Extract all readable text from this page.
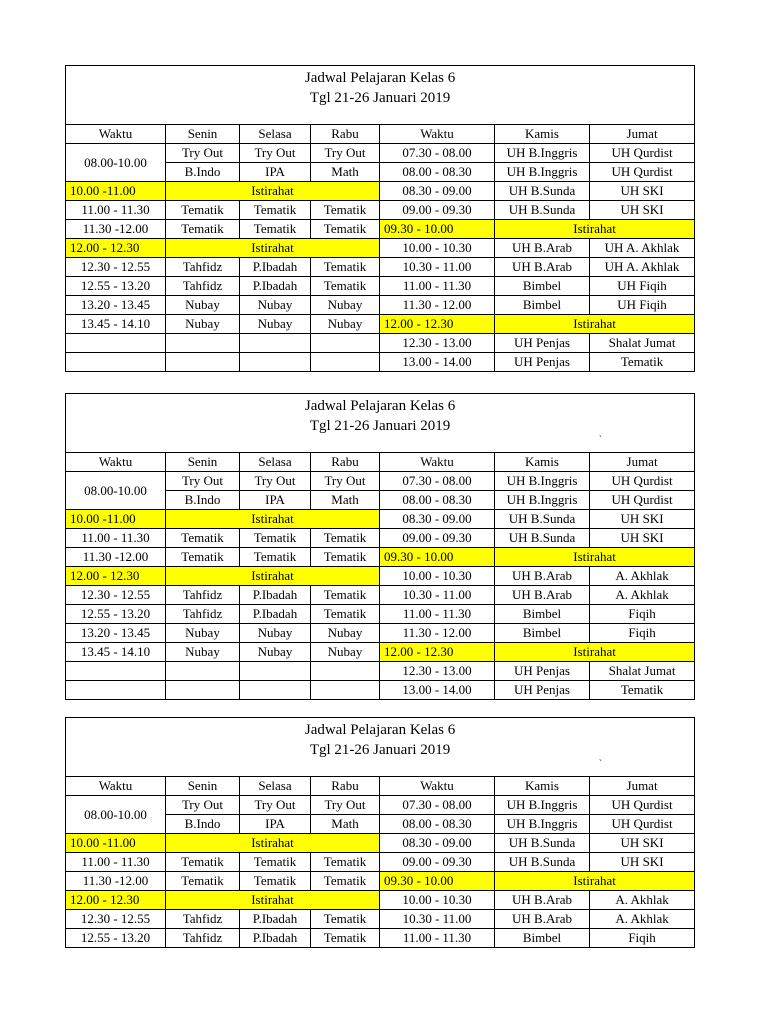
Jadwal Pelajaran Kelas 6
Tgl 21-26 Januari 2019						

Waktu	Senin	Selasa	Rabu	Waktu	Kamis	Jumat
08.00-10.00	Try Out	Try Out	Try Out	07.30 - 08.00	UH B.Inggris	UH Qurdist
	B.Indo	IPA	Math	08.00 - 08.30	UH B.Inggris	UH Qurdist
10.00 -11.00	Istirahat			08.30 - 09.00	UH B.Sunda	UH SKI
11.00 - 11.30	Tematik	Tematik	Tematik	09.00 - 09.30	UH B.Sunda	UH SKI
11.30 -12.00	Tematik	Tematik	Tematik	09.30 - 10.00	Istirahat	
12.00 - 12.30	Istirahat			10.00 - 10.30	UH B.Arab	UH A. Akhlak
12.30 - 12.55	Tahfidz	P.Ibadah	Tematik	10.30 - 11.00	UH B.Arab	UH A. Akhlak
12.55 - 13.20	Tahfidz	P.Ibadah	Tematik	11.00 - 11.30	Bimbel	UH Fiqih
13.20 - 13.45	Nubay	Nubay	Nubay	11.30 - 12.00	Bimbel	UH Fiqih
13.45 - 14.10	Nubay	Nubay	Nubay	12.00 - 12.30	Istirahat	
				12.30 - 13.00	UH Penjas	Shalat Jumat
				13.00 - 14.00	UH Penjas	Tematik
Jadwal Pelajaran Kelas 6
Tgl 21-26 Januari 2019
`						

Waktu	Senin	Selasa	Rabu	Waktu	Kamis	Jumat
08.00-10.00	Try Out	Try Out	Try Out	07.30 - 08.00	UH B.Inggris	UH Qurdist
	B.Indo	IPA	Math	08.00 - 08.30	UH B.Inggris	UH Qurdist
10.00 -11.00	Istirahat			08.30 - 09.00	UH B.Sunda	UH SKI
11.00 - 11.30	Tematik	Tematik	Tematik	09.00 - 09.30	UH B.Sunda	UH SKI
11.30 -12.00	Tematik	Tematik	Tematik	09.30 - 10.00	Istirahat	
12.00 - 12.30	Istirahat			10.00 - 10.30	UH B.Arab	A. Akhlak
12.30 - 12.55	Tahfidz	P.Ibadah	Tematik	10.30 - 11.00	UH B.Arab	A. Akhlak
12.55 - 13.20	Tahfidz	P.Ibadah	Tematik	11.00 - 11.30	Bimbel	Fiqih
13.20 - 13.45	Nubay	Nubay	Nubay	11.30 - 12.00	Bimbel	Fiqih
13.45 - 14.10	Nubay	Nubay	Nubay	12.00 - 12.30	Istirahat	
				12.30 - 13.00	UH Penjas	Shalat Jumat
				13.00 - 14.00	UH Penjas	Tematik
Jadwal Pelajaran Kelas 6
Tgl 21-26 Januari 2019
`						

Waktu	Senin	Selasa	Rabu	Waktu	Kamis	Jumat
08.00-10.00	Try Out	Try Out	Try Out	07.30 - 08.00	UH B.Inggris	UH Qurdist
	B.Indo	IPA	Math	08.00 - 08.30	UH B.Inggris	UH Qurdist
10.00 -11.00	Istirahat			08.30 - 09.00	UH B.Sunda	UH SKI
11.00 - 11.30	Tematik	Tematik	Tematik	09.00 - 09.30	UH B.Sunda	UH SKI
11.30 -12.00	Tematik	Tematik	Tematik	09.30 - 10.00	Istirahat	
12.00 - 12.30	Istirahat			10.00 - 10.30	UH B.Arab	A. Akhlak
12.30 - 12.55	Tahfidz	P.Ibadah	Tematik	10.30 - 11.00	UH B.Arab	A. Akhlak
12.55 - 13.20	Tahfidz	P.Ibadah	Tematik	11.00 - 11.30	Bimbel	Fiqih
